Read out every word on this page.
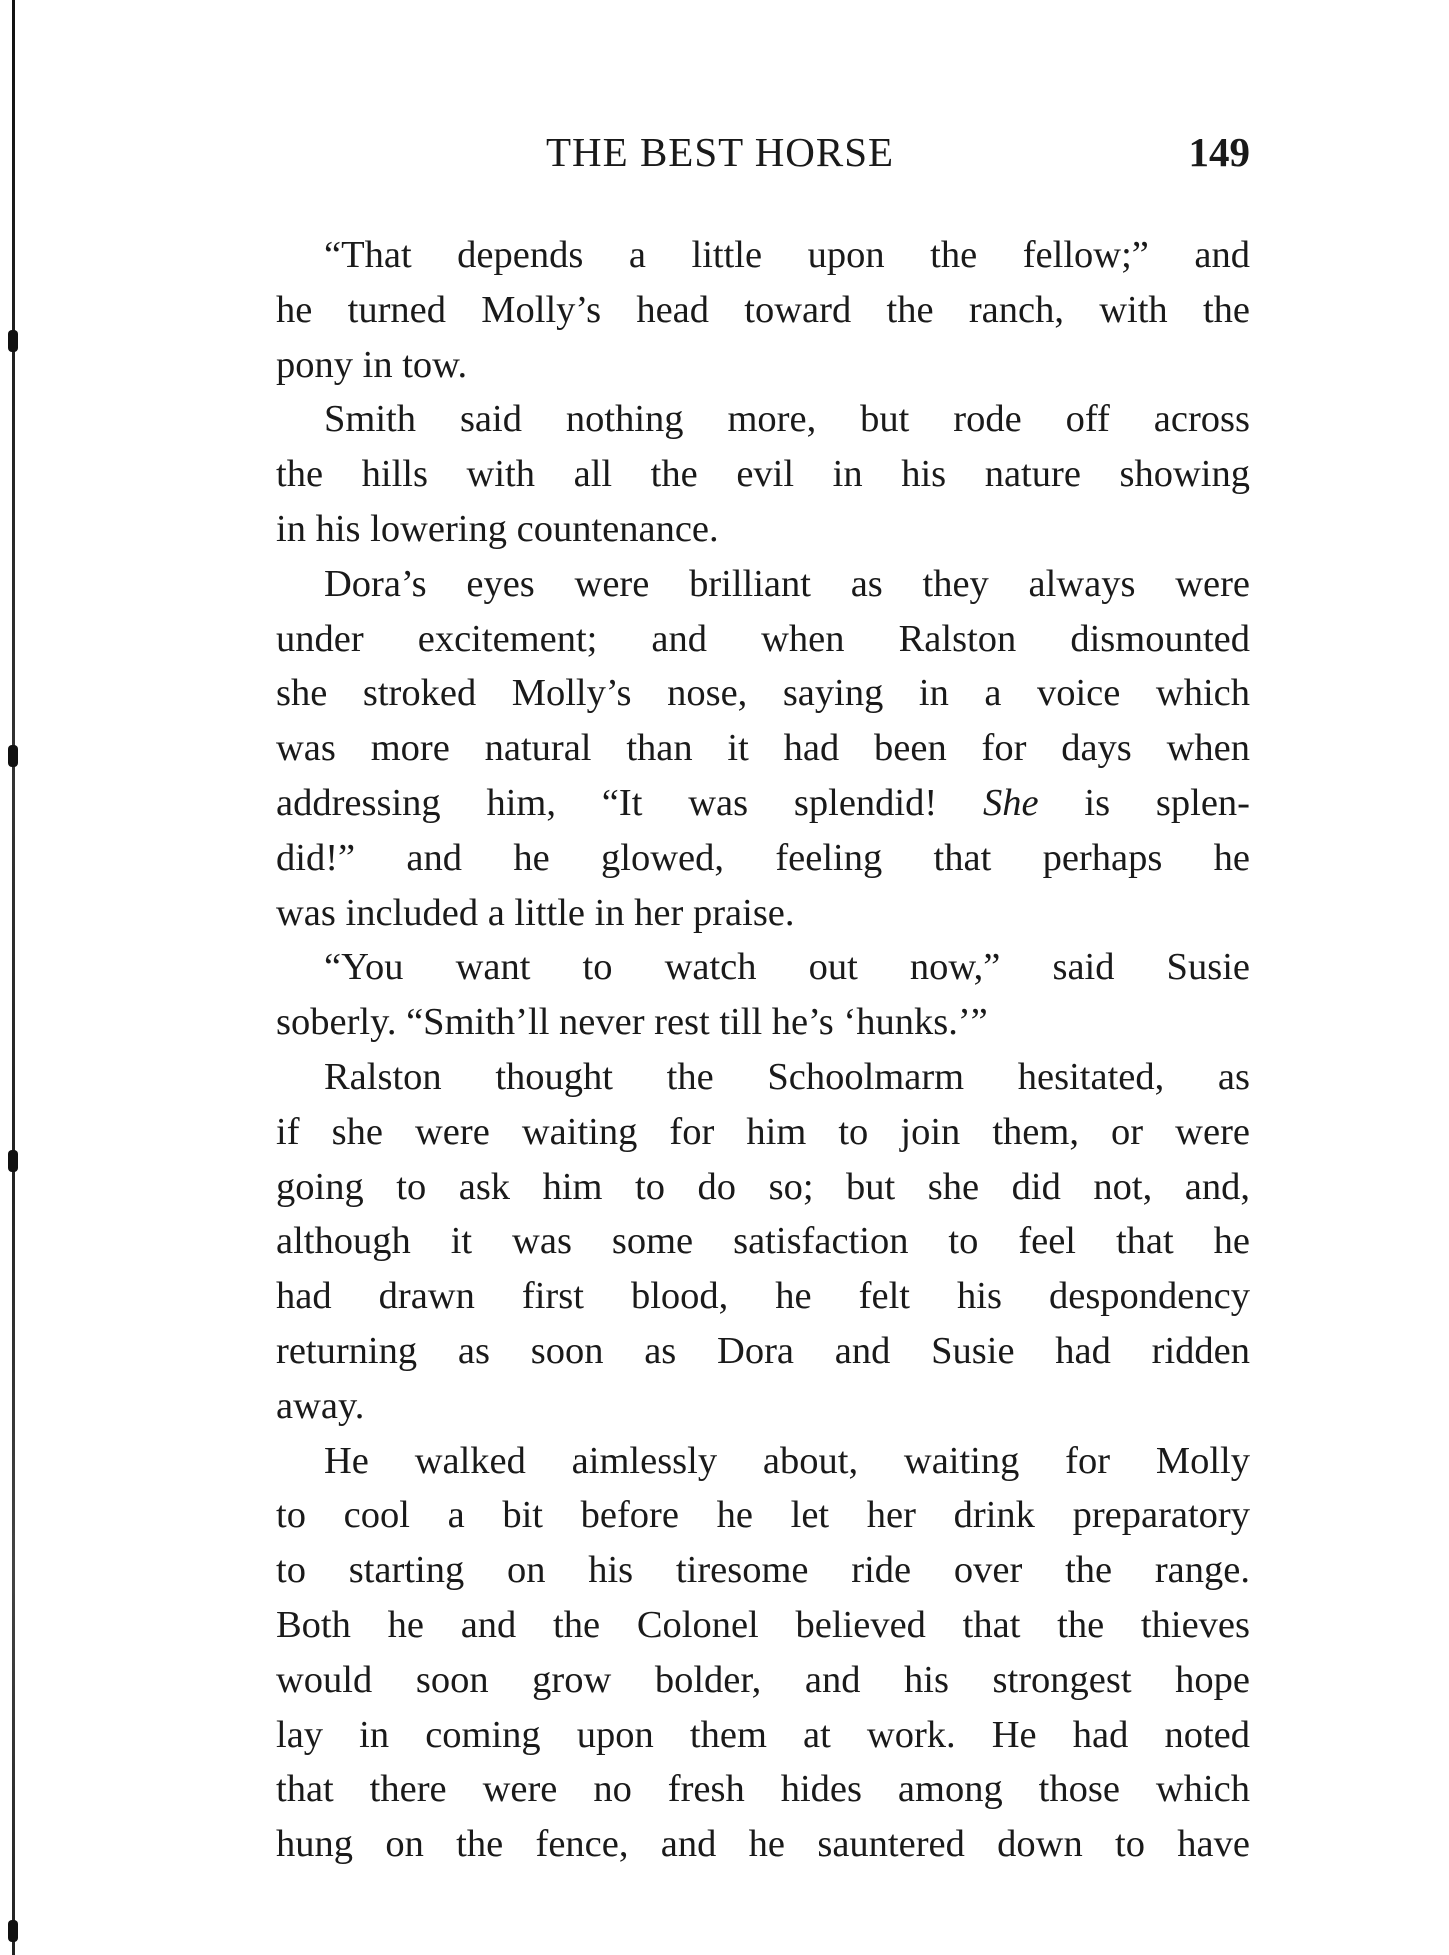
THE BEST HORSE	149
“That depends a little upon the fellow;” and
he turned Molly’s head toward the ranch, with the
pony in tow.
Smith said nothing more, but rode off across
the hills with all the evil in his nature showing
in his lowering countenance.
Dora’s eyes were brilliant as they always were
under excitement; and when Ralston dismounted
she stroked Molly’s nose, saying in a voice which
was more natural than it had been for days when
addressing him, “It was splendid! She is splen-
did!” and he glowed, feeling that perhaps he
was included a little in her praise.
“You want to watch out now,” said Susie
soberly. “Smith’ll never rest till he’s ‘hunks.’”
Ralston thought the Schoolmarm hesitated, as
if she were waiting for him to join them, or were
going to ask him to do so; but she did not, and,
although it was some satisfaction to feel that he
had drawn first blood, he felt his despondency
returning as soon as Dora and Susie had ridden
away.
He walked aimlessly about, waiting for Molly
to cool a bit before he let her drink preparatory
to starting on his tiresome ride over the range.
Both he and the Colonel believed that the thieves
would soon grow bolder, and his strongest hope
lay in coming upon them at work. He had noted
that there were no fresh hides among those which
hung on the fence, and he sauntered down to have
